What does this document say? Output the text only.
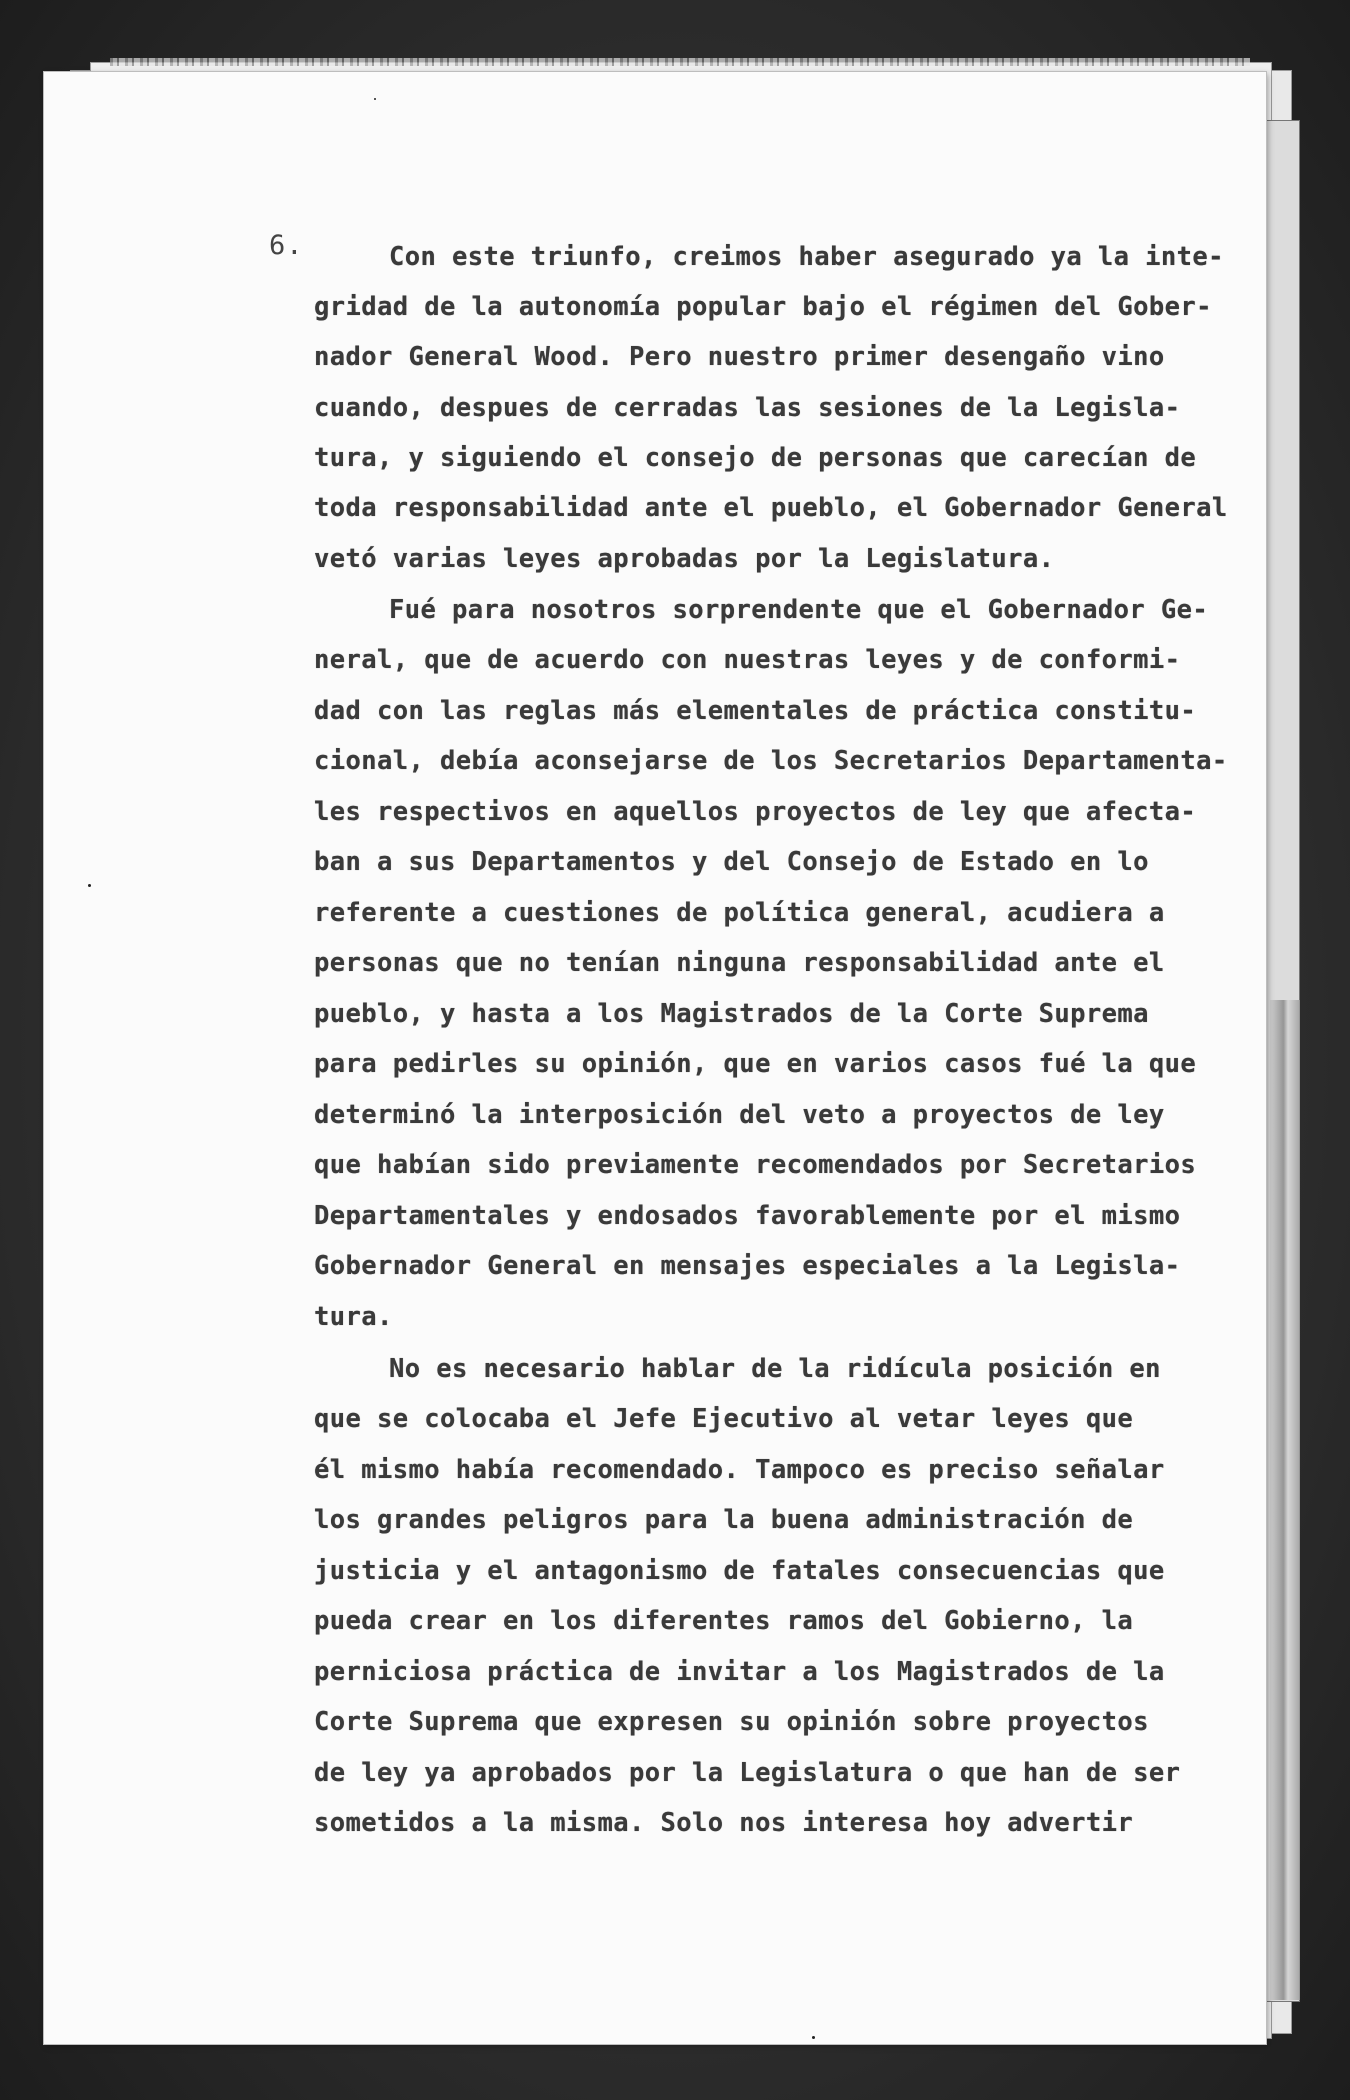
6.	Con este triunfo, creimos haber asegurado ya la inte-
gridad de la autonomía popular bajo el régimen del Gober-
nador General Wood. Pero nuestro primer desengaño vino
cuando, despues de cerradas las sesiones de la Legisla-
tura, y siguiendo el consejo de personas que carecían de
toda responsabilidad ante el pueblo, el Gobernador General
vetó varias leyes aprobadas por la Legislatura.
Fué para nosotros sorprendente que el Gobernador Ge-
neral, que de acuerdo con nuestras leyes y de conformi-
dad con las reglas más elementales de práctica constitu-
cional, debía aconsejarse de los Secretarios Departamenta-
les respectivos en aquellos proyectos de ley que afecta-
ban a sus Departamentos y del Consejo de Estado en lo
referente a cuestiones de política general, acudiera a
personas que no tenían ninguna responsabilidad ante el
pueblo, y hasta a los Magistrados de la Corte Suprema
para pedirles su opinión, que en varios casos fué la que
determinó la interposición del veto a proyectos de ley
que habían sido previamente recomendados por Secretarios
Departamentales y endosados favorablemente por el mismo
Gobernador General en mensajes especiales a la Legisla-
tura.
No es necesario hablar de la ridícula posición en
que se colocaba el Jefe Ejecutivo al vetar leyes que
él mismo había recomendado. Tampoco es preciso señalar
los grandes peligros para la buena administración de
justicia y el antagonismo de fatales consecuencias que
pueda crear en los diferentes ramos del Gobierno, la
perniciosa práctica de invitar a los Magistrados de la
Corte Suprema que expresen su opinión sobre proyectos
de ley ya aprobados por la Legislatura o que han de ser
sometidos a la misma. Solo nos interesa hoy advertir
